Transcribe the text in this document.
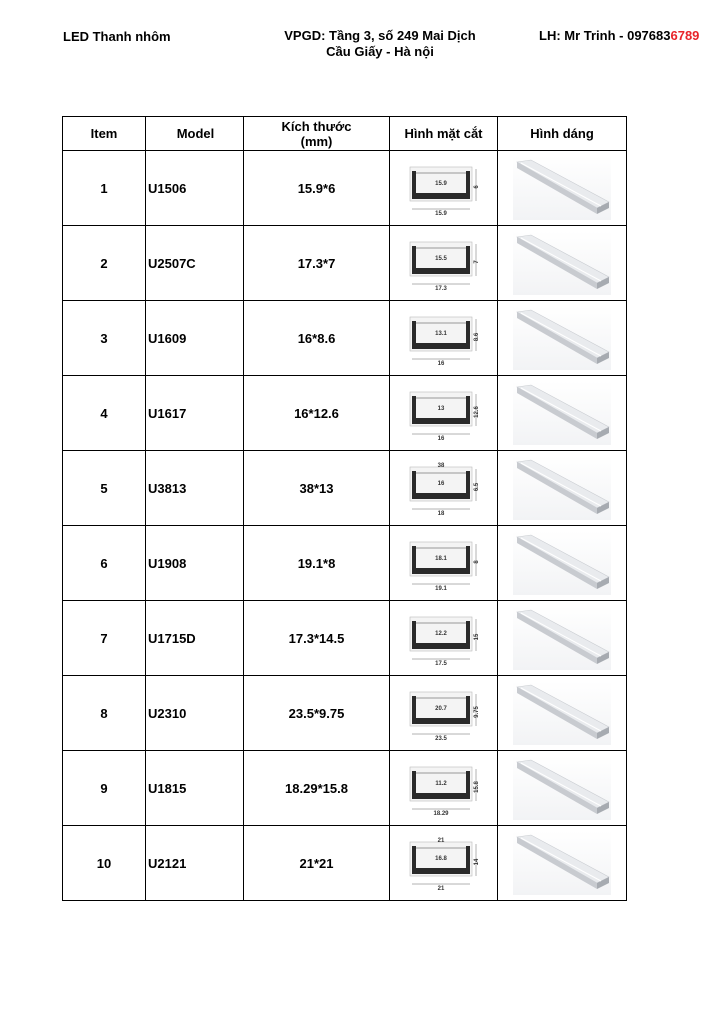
LED Thanh nhôm	VPGD: Tầng 3, số 249 Mai Dịch
Cầu Giấy - Hà nội
LH: Mr Trinh - 0976836789
Item	Model	Kích thước
(mm)	Hình mặt cắt	Hình dáng
1	U1506	15.9*6	15.9
15.9
6

2	U2507C	17.3*7	15.5
17.3
7

3	U1609	16*8.6	13.1
16
8.6

4	U1617	16*12.6	13
16
12.6

5	U3813	38*13	16
18
6.5
38

6	U1908	19.1*8	18.1
19.1
8

7	U1715D	17.3*14.5	12.2
17.5
15

8	U2310	23.5*9.75	20.7
23.5
9.75

9	U1815	18.29*15.8	11.2
18.29
15.8

10	U2121	21*21	16.8
21
14
21
